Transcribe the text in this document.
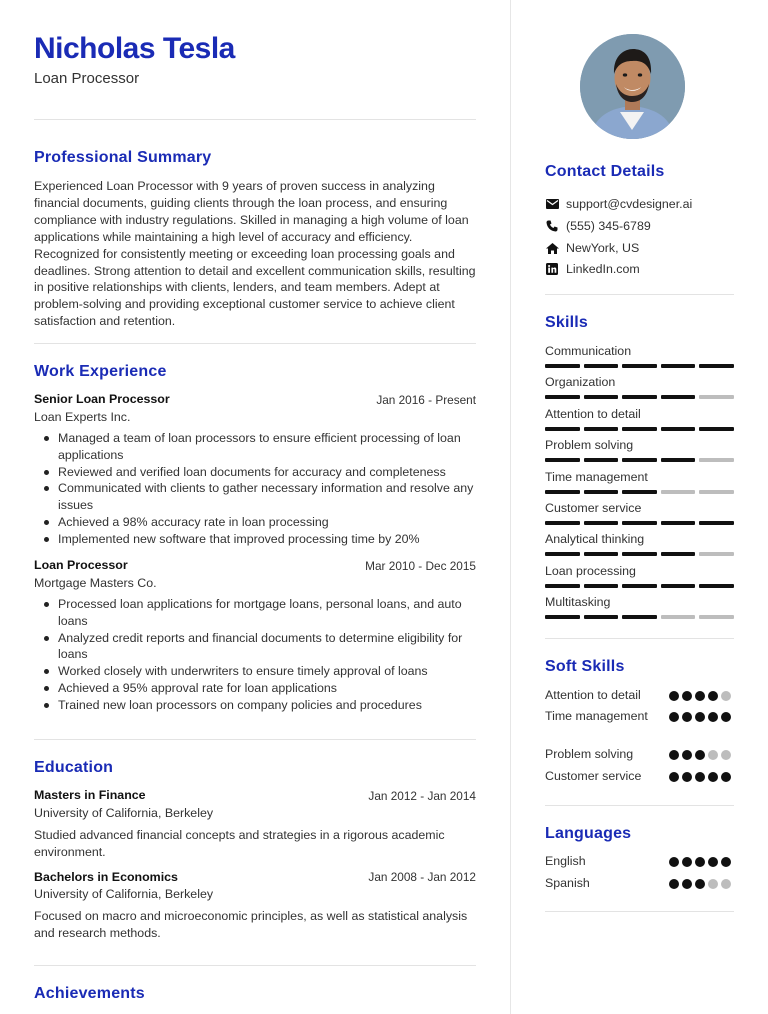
Nicholas Tesla
Loan Processor
Professional Summary
Experienced Loan Processor with 9 years of proven success in analyzing financial documents, guiding clients through the loan process, and ensuring compliance with industry regulations. Skilled in managing a high volume of loan applications while maintaining a high level of accuracy and efficiency. Recognized for consistently meeting or exceeding loan processing goals and deadlines. Strong attention to detail and excellent communication skills, resulting in positive relationships with clients, lenders, and team members. Adept at problem-solving and providing exceptional customer service to achieve client satisfaction and retention.
Work Experience
Senior Loan Processor	Jan 2016 - Present
Loan Experts Inc.
Managed a team of loan processors to ensure efficient processing of loan applications
Reviewed and verified loan documents for accuracy and completeness
Communicated with clients to gather necessary information and resolve any issues
Achieved a 98% accuracy rate in loan processing
Implemented new software that improved processing time by 20%
Loan Processor	Mar 2010 - Dec 2015
Mortgage Masters Co.
Processed loan applications for mortgage loans, personal loans, and auto loans
Analyzed credit reports and financial documents to determine eligibility for loans
Worked closely with underwriters to ensure timely approval of loans
Achieved a 95% approval rate for loan applications
Trained new loan processors on company policies and procedures
Education
Masters in Finance	Jan 2012 - Jan 2014
University of California, Berkeley
Studied advanced financial concepts and strategies in a rigorous academic environment.
Bachelors in Economics	Jan 2008 - Jan 2012
University of California, Berkeley
Focused on macro and microeconomic principles, as well as statistical analysis and research methods.
Achievements
Contact Details
support@cvdesigner.ai
(555) 345-6789
NewYork, US
LinkedIn.com
Skills
Communication
Organization
Attention to detail
Problem solving
Time management
Customer service
Analytical thinking
Loan processing
Multitasking
Soft Skills
Attention to detail
Time management
Problem solving
Customer service
Languages
English
Spanish
